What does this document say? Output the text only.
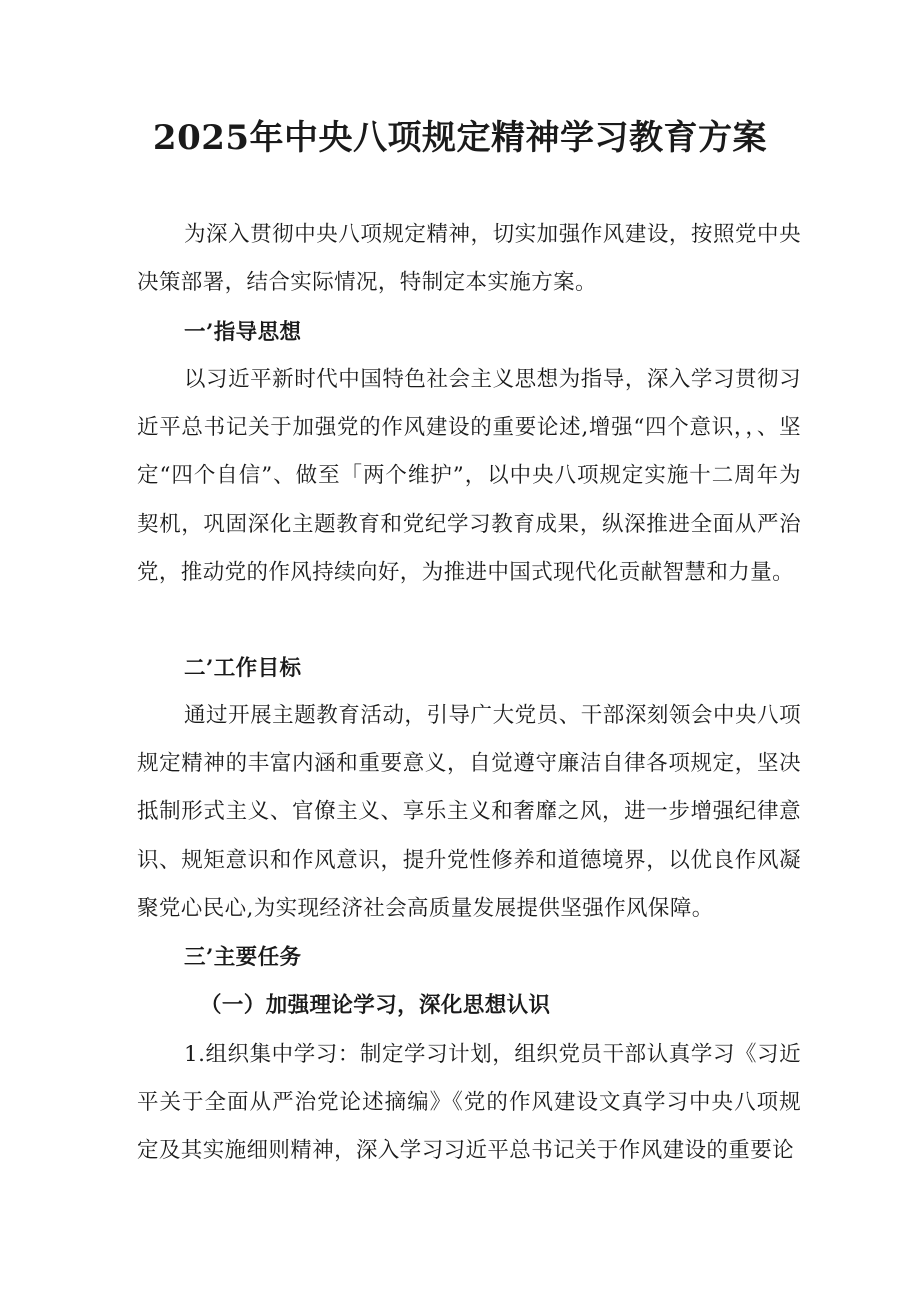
2025年中央八项规定精神学习教育方案

为深入贯彻中央八项规定精神，切实加强作风建设，按照党中央决策部署，结合实际情况，特制定本实施方案。

一’指导思想

以习近平新时代中国特色社会主义思想为指导，深入学习贯彻习近平总书记关于加强党的作风建设的重要论述,增强“四个意识，，、坚定“四个自信”、做至「两个维护”，以中央八项规定实施十二周年为契机，巩固深化主题教育和党纪学习教育成果，纵深推进全面从严治党，推动党的作风持续向好，为推进中国式现代化贡献智慧和力量。

二’工作目标

通过开展主题教育活动，引导广大党员、干部深刻领会中央八项规定精神的丰富内涵和重要意义，自觉遵守廉洁自律各项规定，坚决抵制形式主义、官僚主义、享乐主义和奢靡之风，进一步增强纪律意识、规矩意识和作风意识，提升党性修养和道德境界，以优良作风凝聚党心民心,为实现经济社会高质量发展提供坚强作风保障。

三’主要任务
（一）加强理论学习，深化思想认识

1.组织集中学习：制定学习计划，组织党员干部认真学习《习近平关于全面从严治党论述摘编》《党的作风建设文真学习中央八项规定及其实施细则精神，深入学习习近平总书记关于作风建设的重要论
